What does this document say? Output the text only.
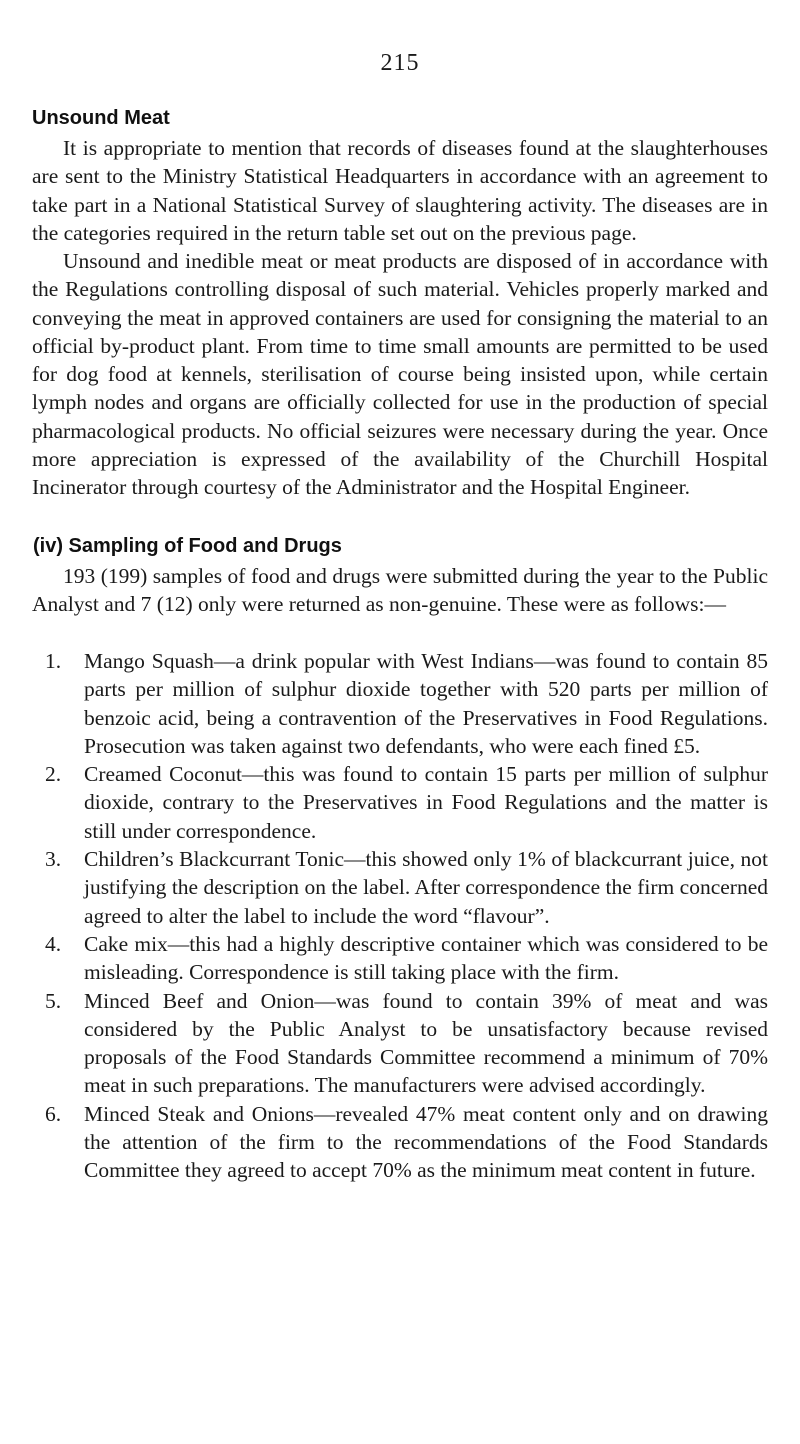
215
Unsound Meat

It is appropriate to mention that records of diseases found at the slaughterhouses are sent to the Ministry Statistical Headquarters in accordance with an agreement to take part in a National Statistical Survey of slaughtering activity. The diseases are in the categories required in the return table set out on the previous page.

Unsound and inedible meat or meat products are disposed of in accordance with the Regulations controlling disposal of such material. Vehicles properly marked and conveying the meat in approved containers are used for consigning the material to an official by-product plant. From time to time small amounts are permitted to be used for dog food at kennels, sterilisation of course being insisted upon, while certain lymph nodes and organs are officially collected for use in the production of special pharmacological products. No official seizures were necessary during the year. Once more appreciation is expressed of the availability of the Churchill Hospital Incinerator through courtesy of the Administrator and the Hospital Engineer.

(iv) Sampling of Food and Drugs

193 (199) samples of food and drugs were submitted during the year to the Public Analyst and 7 (12) only were returned as non-genuine. These were as follows:—

1. Mango Squash—a drink popular with West Indians—was found to contain 85 parts per million of sulphur dioxide together with 520 parts per million of benzoic acid, being a contravention of the Preservatives in Food Regulations. Prosecution was taken against two defendants, who were each fined £5.
2. Creamed Coconut—this was found to contain 15 parts per million of sulphur dioxide, contrary to the Preservatives in Food Regulations and the matter is still under correspondence.
3. Children’s Blackcurrant Tonic—this showed only 1% of blackcurrant juice, not justifying the description on the label. After correspondence the firm concerned agreed to alter the label to include the word “flavour”.
4. Cake mix—this had a highly descriptive container which was considered to be misleading. Correspondence is still taking place with the firm.
5. Minced Beef and Onion—was found to contain 39% of meat and was considered by the Public Analyst to be unsatisfactory because revised proposals of the Food Standards Committee recommend a minimum of 70% meat in such preparations. The manufacturers were advised accordingly.
6. Minced Steak and Onions—revealed 47% meat content only and on drawing the attention of the firm to the recommendations of the Food Standards Committee they agreed to accept 70% as the minimum meat content in future.
